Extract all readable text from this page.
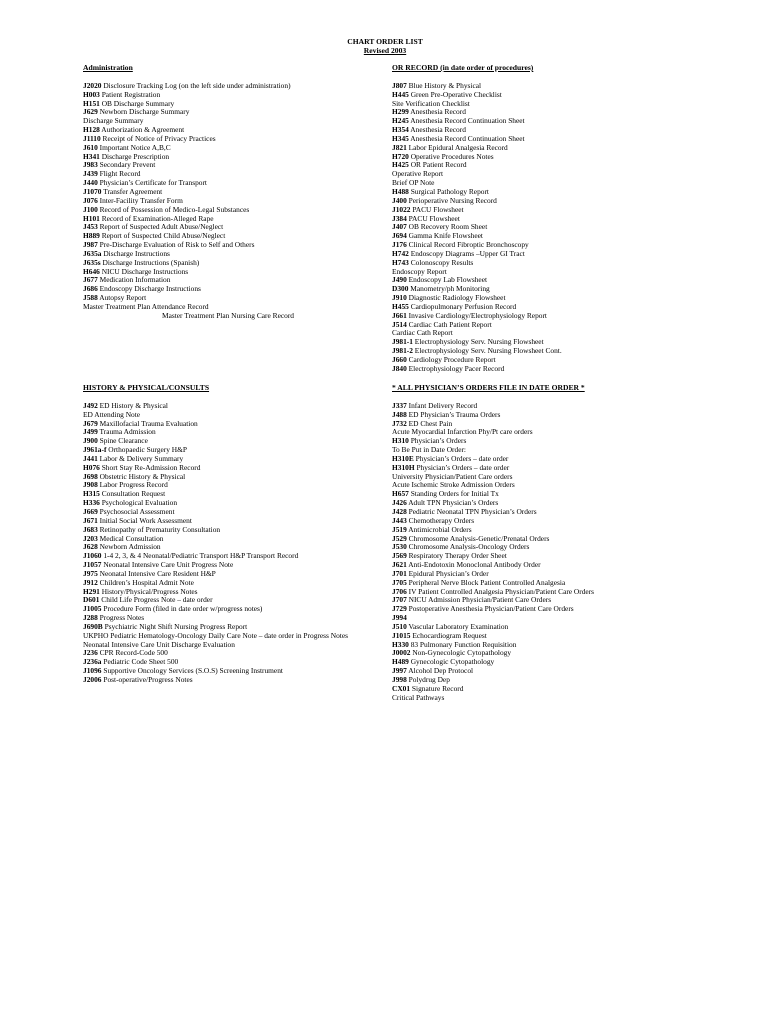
CHART ORDER LIST
Revised 2003
Administration
J2020 Disclosure Tracking Log (on the left side under administration)
H003 Patient Registration
H151 OB Discharge Summary
J629 Newborn Discharge Summary
Discharge Summary
H128 Authorization & Agreement
J1110 Receipt of Notice of Privacy Practices
J610 Important Notice A,B,C
H341 Discharge Prescription
J983 Secondary Prevent
J439 Flight Record
J440 Physician’s Certificate for Transport
J1070 Transfer Agreement
J076 Inter-Facility Transfer Form
J100 Record of Possession of Medico-Legal Substances
H101 Record of Examination-Alleged Rape
J453 Report of Suspected Adult Abuse/Neglect
H889 Report of Suspected Child Abuse/Neglect
J987 Pre-Discharge Evaluation of Risk to Self and Others
J635a Discharge Instructions
J635s Discharge Instructions (Spanish)
H646 NICU Discharge Instructions
J677 Medication Information
J686 Endoscopy Discharge Instructions
J588 Autopsy Report
Master Treatment Plan Attendance Record
Master Treatment Plan Nursing Care Record
OR RECORD (in date order of procedures)
J807 Blue History & Physical
H445 Green Pre-Operative Checklist
Site Verification Checklist
H299 Anesthesia Record
H245 Anesthesia Record Continuation Sheet
H354 Anesthesia Record
H345 Anesthesia Record Continuation Sheet
J821 Labor Epidural Analgesia Record
H720 Operative Procedures Notes
H425 OR Patient Record
Operative Report
Brief OP Note
H488 Surgical Pathology Report
J400 Perioperative Nursing Record
J1022 PACU Flowsheet
J384 PACU Flowsheet
J407 OB Recovery Room Sheet
J694 Gamma Knife Flowsheet
J176 Clinical Record Fibroptic Bronchoscopy
H742 Endoscopy Diagrams –Upper GI Tract
H743 Colonoscopy Results
Endoscopy Report
J490 Endoscopy Lab Flowsheet
D300 Manometry/ph Monitoring
J910 Diagnostic Radiology Flowsheet
H455 Cardiopulmonary Perfusion Record
J661 Invasive Cardiology/Electrophysiology Report
J514 Cardiac Cath Patient Report
Cardiac Cath Report
J981-1 Electrophysiology Serv. Nursing Flowsheet
J981-2 Electrophysiology Serv. Nursing Flowsheet Cont.
J660 Cardiology Procedure Report
J840 Electrophysiology Pacer Record
HISTORY & PHYSICAL/CONSULTS
J492 ED History & Physical
ED Attending Note
J679 Maxillofacial Trauma Evaluation
J499 Trauma Admission
J900 Spine Clearance
J961a-f Orthopaedic Surgery H&P
J441 Labor & Delivery Summary
H076 Short Stay Re-Admission Record
J698 Obstetric History & Physical
J908 Labor Progress Record
H315 Consultation Request
H336 Psychological Evaluation
J669 Psychosocial Assessment
J671 Initial Social Work Assessment
J683 Retinopathy of Prematurity Consultation
J203 Medical Consultation
J628 Newborn Admission
J1060 1-4 2, 3, & 4 Neonatal/Pediatric Transport H&P Transport Record
J1057 Neonatal Intensive Care Unit Progress Note
J975 Neonatal Intensive Care Resident H&P
J912 Children’s Hospital Admit Note
H291 History/Physical/Progress Notes
D601 Child Life Progress Note – date order
J1005 Procedure Form (filed in date order w/progress notes)
J288 Progress Notes
J690B Psychiatric Night Shift Nursing Progress Report
UKPHO Pediatric Hematology-Oncology Daily Care Note – date order in Progress Notes
Neonatal Intensive Care Unit Discharge Evaluation
J236 CPR Record-Code 500
J236a Pediatric Code Sheet 500
J1096 Supportive Oncology Services (S.O.S) Screening Instrument
J2006 Post-operative/Progress Notes
* ALL PHYSICIAN’S ORDERS FILE IN DATE ORDER *
J337 Infant Delivery Record
J488 ED Physician’s Trauma Orders
J732 ED Chest Pain
Acute Myocardial Infarction Phy/Pt care orders
H310 Physician’s Orders
To Be Put in Date Order:
H310E Physician’s Orders – date order
H310H Physician’s Orders – date order
University Physician/Patient Care orders
Acute Ischemic Stroke Admission Orders
H657 Standing Orders for Initial Tx
J426 Adult TPN Physician’s Orders
J428 Pediatric Neonatal TPN Physician’s Orders
J443 Chemotherapy Orders
J519 Antimicrobial Orders
J529 Chromosome Analysis-Genetic/Prenatal Orders
J530 Chromosome Analysis-Oncology Orders
J569 Respiratory Therapy Order Sheet
J621 Anti-Endotoxin Monoclonal Antibody Order
J701 Epidural Physician’s Order
J705 Peripheral Nerve Block Patient Controlled Analgesia
J706 IV Patient Controlled Analgesia Physician/Patient Care Orders
J707 NICU Admission Physician/Patient Care Orders
J729 Postoperative Anesthesia Physician/Patient Care Orders
J994
J510 Vascular Laboratory Examination
J1015 Echocardiogram Request
H330 83 Pulmonary Function Requisition
J0002 Non-Gynecologic Cytopathology
H489 Gynecologic Cytopathology
J997 Alcohol Dep Protocol
J998 Polydrug Dep
CX01 Signature Record
Critical Pathways
